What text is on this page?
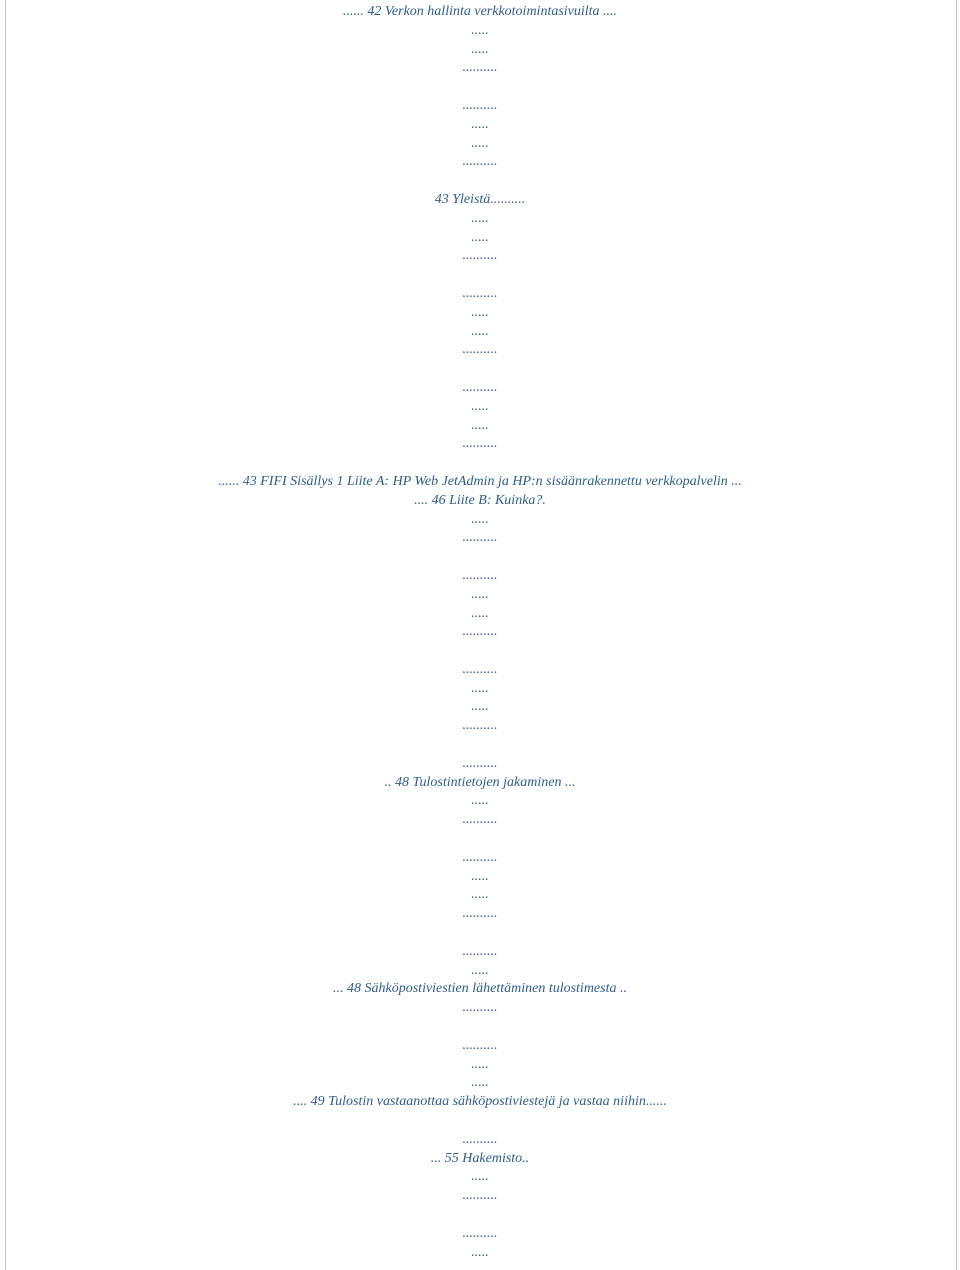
...... 42 Verkon hallinta verkkotoimintasivuilta ....
.....
.....
..........
..........
.....
.....
..........
43 Yleistä..........
.....
.....
..........
..........
.....
.....
..........
..........
.....
.....
..........
...... 43 FIFI Sisällys 1 Liite A: HP Web JetAdmin ja HP:n sisäänrakennettu verkkopalvelin ...
.... 46 Liite B: Kuinka?.
.....
..........
..........
.....
.....
..........
..........
.....
.....
..........
..........
.. 48 Tulostintietojen jakaminen ...
.....
..........
..........
.....
.....
..........
..........
.....
... 48 Sähköpostiviestien lähettäminen tulostimesta ..
..........
..........
.....
.....
.... 49 Tulostin vastaanottaa sähköpostiviestejä ja vastaa niihin......
..........
... 55 Hakemisto..
.....
..........
..........
.....
